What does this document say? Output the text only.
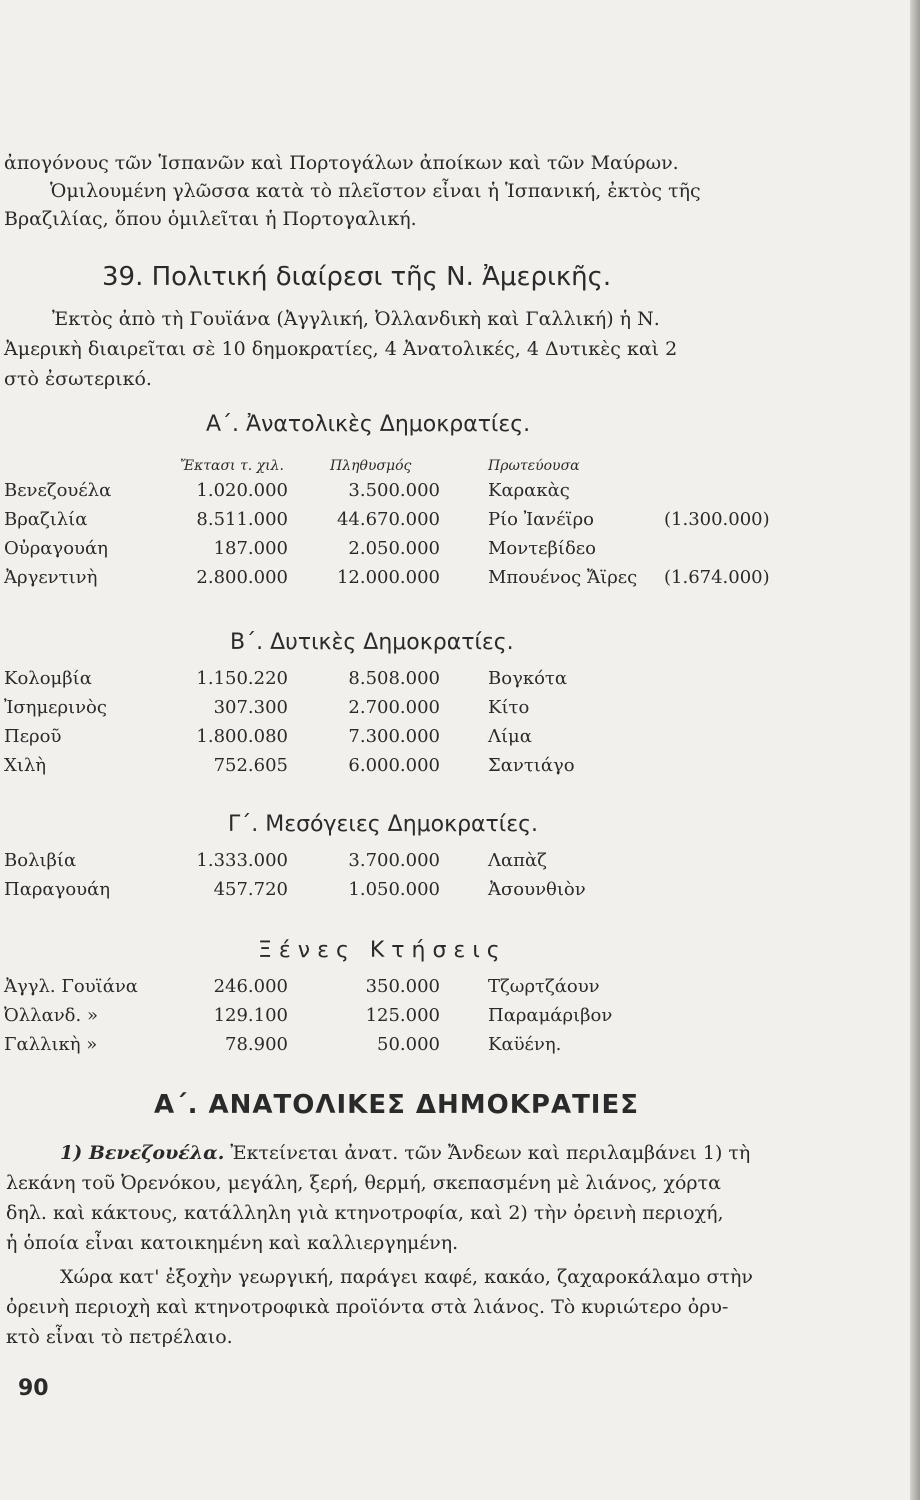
ἀπογόνους τῶν Ἱσπανῶν καὶ Πορτογάλων ἀποίκων καὶ τῶν Μαύρων.
Ὁμιλουμένη γλῶσσα κατὰ τὸ πλεῖστον εἶναι ἡ Ἱσπανική, ἐκτὸς τῆς
Βραζιλίας, ὅπου ὁμιλεῖται ἡ Πορτογαλική.
39. Πολιτική διαίρεσι τῆς Ν. Ἀμερικῆς.
Ἐκτὸς ἀπὸ τὴ Γουϊάνα (Ἀγγλική, Ὀλλανδικὴ καὶ Γαλλική) ἡ Ν.
Ἀμερικὴ διαιρεῖται σὲ 10 δημοκρατίες, 4 Ἀνατολικές, 4 Δυτικὲς καὶ 2
στὸ ἐσωτερικό.
Α΄. Ἀνατολικὲς Δημοκρατίες.
Ἔκτασι τ. χιλ.	Πληθυσμός	Πρωτεύουσα
Βενεζουέλα	1.020.000	3.500.000	Καρακὰς
Βραζιλία	8.511.000	44.670.000	Ρίο Ἰανέϊρο	(1.300.000)
Οὐραγουάη	187.000	2.050.000	Μοντεβίδεο
Ἀργεντινὴ	2.800.000	12.000.000	Μπουένος Ἄϊρες (1.674.000)
Β΄. Δυτικὲς Δημοκρατίες.
Κολομβία	1.150.220	8.508.000	Βογκότα
Ἰσημερινὸς	307.300	2.700.000	Κίτο
Περοῦ	1.800.080	7.300.000	Λίμα
Χιλὴ	752.605	6.000.000	Σαντιάγο
Γ΄. Μεσόγειες Δημοκρατίες.
Βολιβία	1.333.000	3.700.000	Λαπὰζ
Παραγουάη	457.720	1.050.000	Ἀσουνθιὸν
Ξένες Κτήσεις
Ἀγγλ. Γουϊάνα	246.000	350.000	Τζωρτζάουν
Ὀλλανδ. »	129.100	125.000	Παραμάριβον
Γαλλικὴ »	78.900	50.000	Καϋένη.
Α΄. ΑΝΑΤΟΛΙΚΕΣ ΔΗΜΟΚΡΑΤΙΕΣ
1) Βενεζουέλα. Ἐκτείνεται ἀνατ. τῶν Ἄνδεων καὶ περιλαμβάνει 1) τὴ
λεκάνη τοῦ Ὀρενόκου, μεγάλη, ξερή, θερμή, σκεπασμένη μὲ λιάνος, χόρτα
δηλ. καὶ κάκτους, κατάλληλη γιὰ κτηνοτροφία, καὶ 2) τὴν ὀρεινὴ περιοχή,
ἡ ὁποία εἶναι κατοικημένη καὶ καλλιεργημένη.
Χώρα κατ' ἐξοχὴν γεωργική, παράγει καφέ, κακάο, ζαχαροκάλαμο στὴν
ὀρεινὴ περιοχὴ καὶ κτηνοτροφικὰ προϊόντα στὰ λιάνος. Τὸ κυριώτερο ὀρυ-
κτὸ εἶναι τὸ πετρέλαιο.
90
